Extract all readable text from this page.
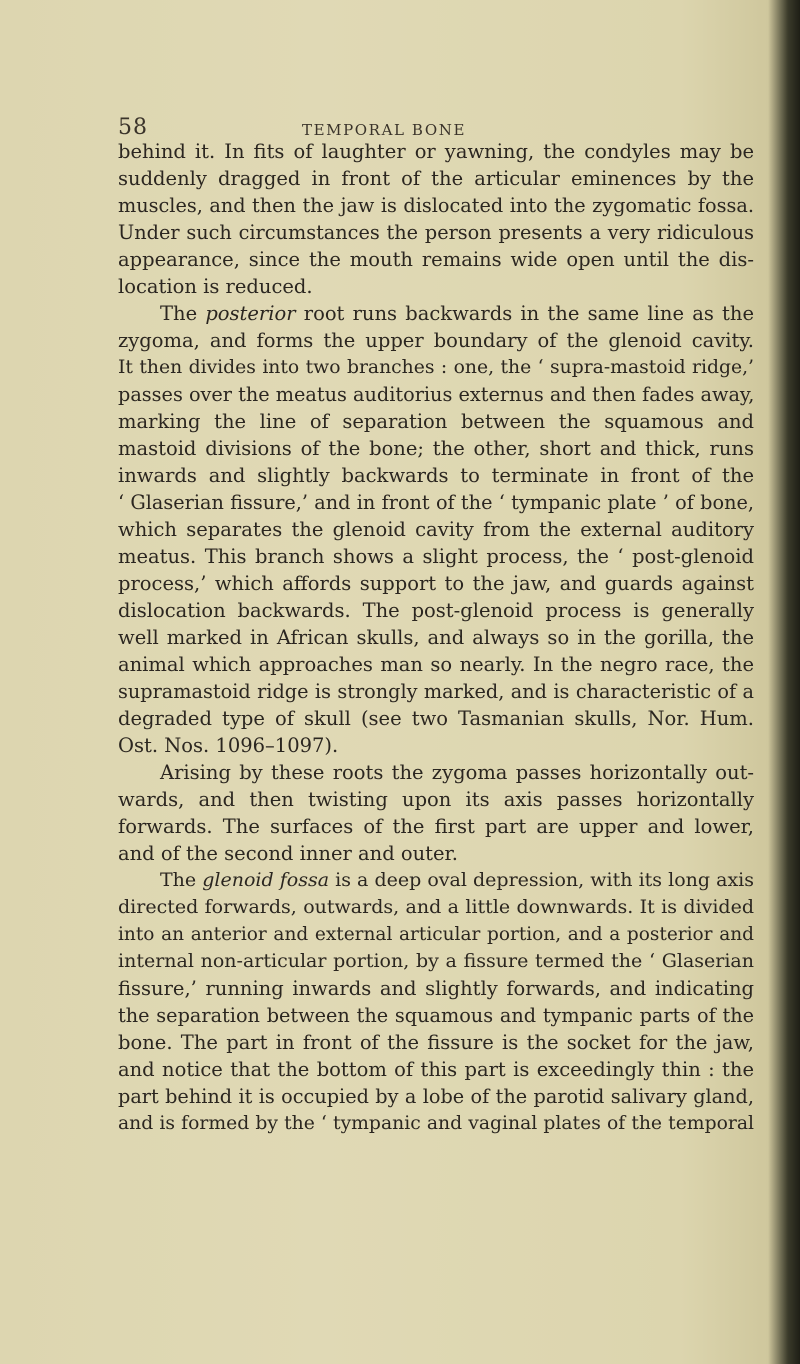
58	TEMPORAL BONE
behind it. In fits of laughter or yawning, the condyles may be
suddenly dragged in front of the articular eminences by the
muscles, and then the jaw is dislocated into the zygomatic fossa.
Under such circumstances the person presents a very ridiculous
appearance, since the mouth remains wide open until the dis-
location is reduced.
The posterior root runs backwards in the same line as the
zygoma, and forms the upper boundary of the glenoid cavity.
It then divides into two branches : one, the ‘ supra-mastoid ridge,’
passes over the meatus auditorius externus and then fades away,
marking the line of separation between the squamous and
mastoid divisions of the bone; the other, short and thick, runs
inwards and slightly backwards to terminate in front of the
‘ Glaserian fissure,’ and in front of the ‘ tympanic plate ’ of bone,
which separates the glenoid cavity from the external auditory
meatus. This branch shows a slight process, the ‘ post-glenoid
process,’ which affords support to the jaw, and guards against
dislocation backwards. The post-glenoid process is generally
well marked in African skulls, and always so in the gorilla, the
animal which approaches man so nearly. In the negro race, the
supramastoid ridge is strongly marked, and is characteristic of a
degraded type of skull (see two Tasmanian skulls, Nor. Hum.
Ost. Nos. 1096–1097).
Arising by these roots the zygoma passes horizontally out-
wards, and then twisting upon its axis passes horizontally
forwards. The surfaces of the first part are upper and lower,
and of the second inner and outer.
The glenoid fossa is a deep oval depression, with its long axis
directed forwards, outwards, and a little downwards. It is divided
into an anterior and external articular portion, and a posterior and
internal non-articular portion, by a fissure termed the ‘ Glaserian
fissure,’ running inwards and slightly forwards, and indicating
the separation between the squamous and tympanic parts of the
bone. The part in front of the fissure is the socket for the jaw,
and notice that the bottom of this part is exceedingly thin : the
part behind it is occupied by a lobe of the parotid salivary gland,
and is formed by the ‘ tympanic and vaginal plates of the temporal
